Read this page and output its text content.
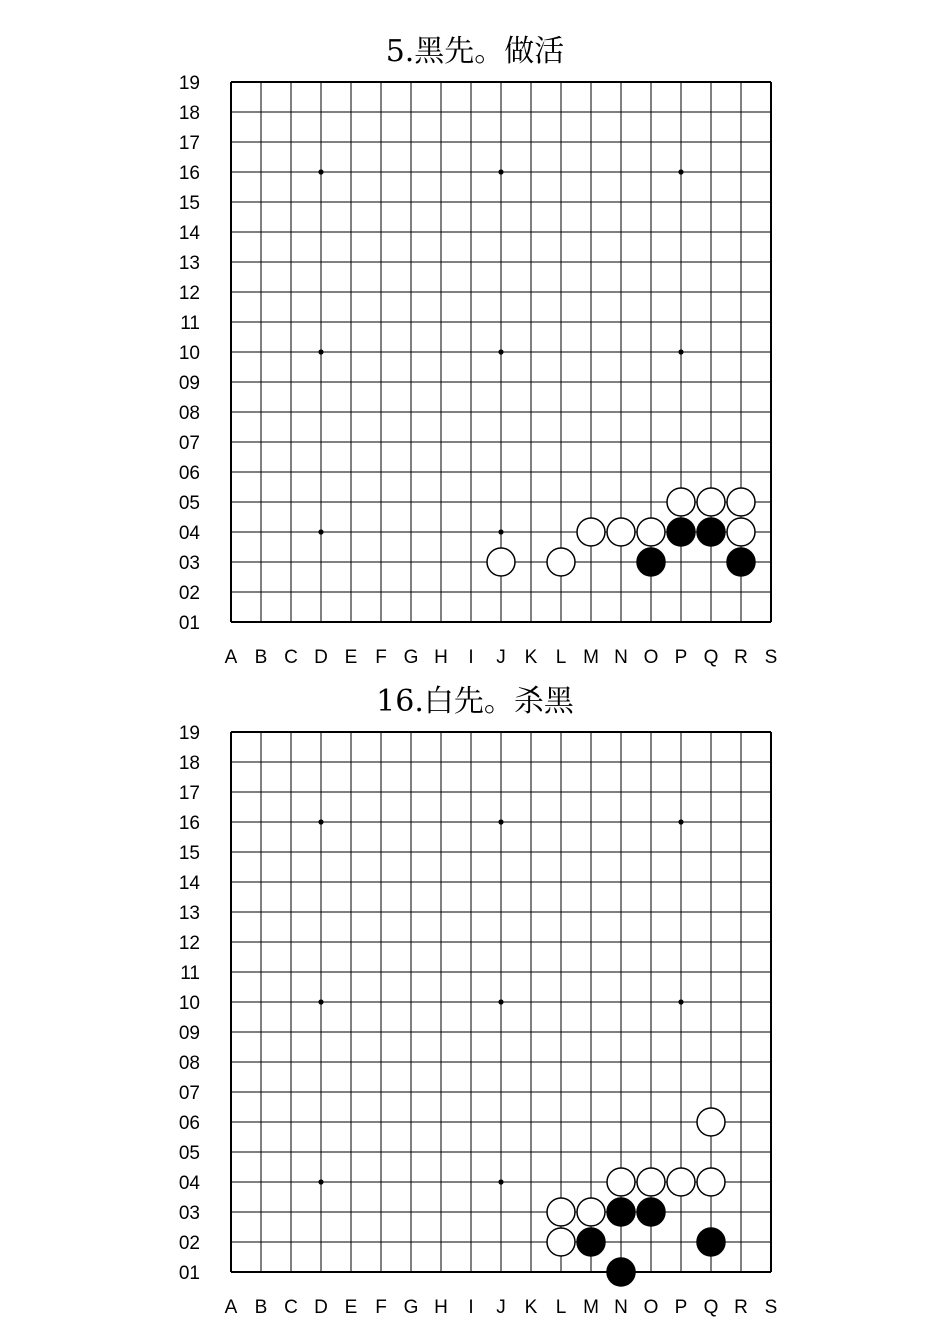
5.黑先。做活
19
18
17
16
15
14
13
12
11
10
09
08
07
06
05
04
03
02
01
A B C D E F G H I J K L M N O P Q R S
16.白先。杀黑
19
18
17
16
15
14
13
12
11
10
09
08
07
06
05
04
03
02
01
A B C D E F G H I J K L M N O P Q R S
